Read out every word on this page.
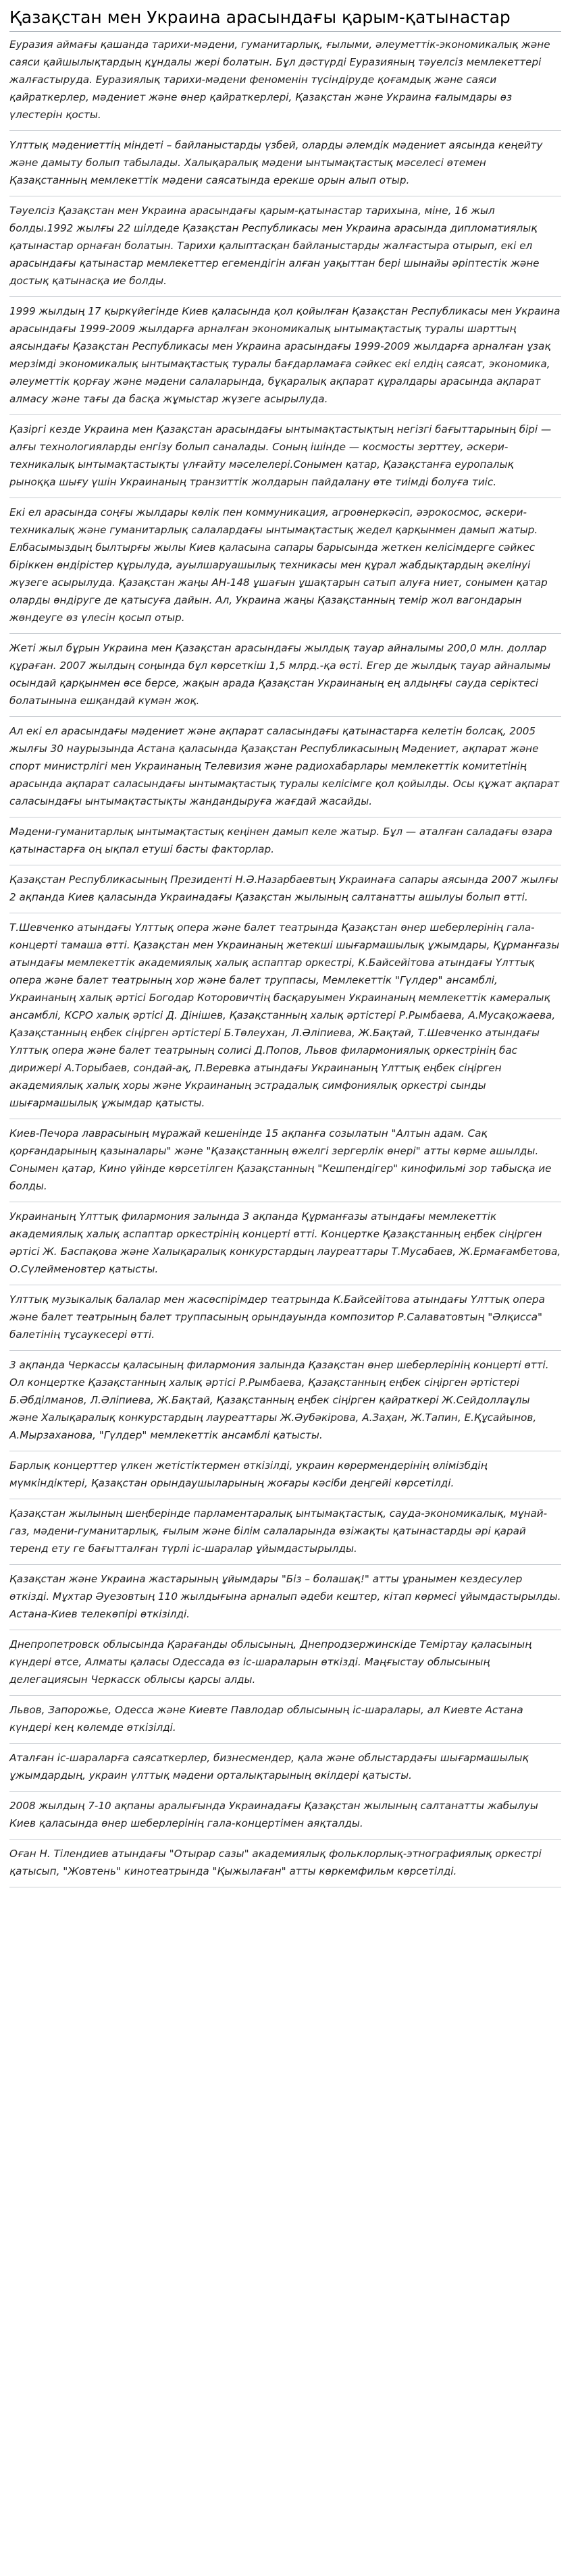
Қазақстан мен Украина арасындағы қарым-қатынастар

Еуразия аймағы қашанда тарихи-мәдени, гуманитарлық, ғылыми, әлеуметтік-экономикалық және саяси қайшылықтардың құндалы жері болатын. Бұл дәстүрді Еуразияның тәуелсіз мемлекеттері жалғастыруда. Еуразиялық тарихи-мәдени феноменін түсіндіруде қоғамдық және саяси қайраткерлер, мәдениет және өнер қайраткерлері, Қазақстан және Украина ғалымдары өз үлестерін қосты.

Үлттық мәдениеттің міндеті – байланыстарды үзбей, оларды әлемдік мәдениет аясында кеңейту және дамыту болып табылады. Халықаралық мәдени ынтымақтастық мәселесі өтемен Қазақстанның мемлекеттік мәдени саясатында ерекше орын алып отыр.

Тәуелсіз Қазақстан мен Украина арасындағы қарым-қатынастар тарихына, міне, 16 жыл болды.1992 жылғы 22 шілдеде Қазақстан Республикасы мен Украина арасында дипломатиялық қатынастар орнаған болатын. Тарихи қалыптасқан байланыстарды жалғастыра отырып, екі ел арасындағы қатынастар мемлекеттер егемендігін алған уақыттан бері шынайы әріптестік және достық қатынасқа ие болды.

1999 жылдың 17 қыркүйегінде Киев қаласында қол қойылған Қазақстан Республикасы мен Украина арасындағы 1999-2009 жылдарға арналған экономикалық ынтымақтастық туралы шарттың аясындағы Қазақстан Республикасы мен Украина арасындағы 1999-2009 жылдарға арналған ұзақ мерзімді экономикалық ынтымақтастық туралы бағдарламаға сәйкес екі елдің саясат, экономика, әлеуметтік қорғау және мәдени салаларында, бұқаралық ақпарат құралдары арасында ақпарат алмасу және тағы да басқа жұмыстар жүзеге асырылуда.

Қазіргі кезде Украина мен Қазақстан арасындағы ынтымақтастықтың негізгі бағыттарының бірі — алғы технологияларды енгізу болып саналады. Соның ішінде — космосты зерттеу, әскери-техникалық ынтымақтастықты үлғайту мәселелері.Сонымен қатар, Қазақстанға еуропалық рыноққа шығу үшін Украинаның транзиттік жолдарын пайдалану өте тиімді болуға тиіс.

Екі ел арасында соңғы жылдары көлік пен коммуникация, агроөнеркәсіп, әэрокосмос, әскери-техникалық және гуманитарлық салалардағы ынтымақтастық жедел қарқынмен дамып жатыр. Елбасымыздың былтырғы жылы Киев қаласына сапары барысында жеткен келісімдерге сәйкес біріккен өндірістер құрылуда, ауылшаруашылық техникасы мен құрал жабдықтардың әкелінуі жүзеге асырылуда. Қазақстан жаңы АН-148 ұшағын ұшақтарын сатып алуға ниет, сонымен қатар оларды өндіруге де қатысуға дайын. Ал, Украина жаңы Қазақстанның темір жол вагондарын жөндеуге өз үлесін қосып отыр.

Жеті жыл бұрын Украина мен Қазақстан арасындағы жылдық тауар айналымы 200,0 млн. доллар құраған. 2007 жылдың соңында бұл көрсеткіш 1,5 млрд.-қа өсті. Егер де жылдық тауар айналымы осындай қарқынмен өсе берсе, жақын арада Қазақстан Украинаның ең алдыңғы сауда серіктесі болатынына ешқандай күмән жоқ.

Ал екі ел арасындағы мәдениет және ақпарат саласындағы қатынастарға келетін болсақ, 2005 жылғы 30 наурызында Астана қаласында Қазақстан Республикасының Мәдениет, ақпарат және спорт министрлігі мен Украинаның Телевизия және радиохабарлары мемлекеттік комитетінің арасында ақпарат саласындағы ынтымақтастық туралы келісімге қол қойылды. Осы құжат ақпарат саласындағы ынтымақтастықты жандандыруға жағдай жасайды.

Мәдени-гуманитарлық ынтымақтастық кеңінен дамып келе жатыр. Бұл — аталған саладағы өзара қатынастарға оң ықпал етуші басты факторлар.

Қазақстан Республикасының Президенті Н.Ә.Назарбаевтың Украинаға сапары аясында 2007 жылғы 2 ақпанда Киев қаласында Украинадағы Қазақстан жылының салтанатты ашылуы болып өтті.

Т.Шевченко атындағы Үлттық опера және балет театрында Қазақстан өнер шеберлерінің гала-концерті тамаша өтті. Қазақстан мен Украинаның жетекші шығармашылық ұжымдары, Құрманғазы атындағы мемлекеттік академиялық халық аспаптар оркестрі, К.Байсейітова атындағы Үлттық опера және балет театрының хор және балет труппасы, Мемлекеттік "Гүлдер" ансамблі, Украинаның халық әртісі Богодар Которовичтің басқаруымен Украинаның мемлекеттік камералық ансамблі, КСРО халық әртісі Д. Дінішев, Қазақстанның халық әртістері Р.Рымбаева, А.Мусақожаева, Қазақстанның еңбек сіңірген әртістері Б.Төлеухан, Л.Әліпиева, Ж.Бақтай, Т.Шевченко атындағы Үлттық опера және балет театрының солисі Д.Попов, Львов филармониялық оркестрінің бас дирижері А.Торыбаев, сондай-ақ, П.Веревка атындағы Украинаның Үлттық еңбек сіңірген академиялық халық хоры және Украинаның эстрадалық симфониялық оркестрі сынды шығармашылық ұжымдар қатысты.

Киев-Печора лаврасының мұражай кешенінде 15 ақпанға созылатын "Алтын адам. Сақ қорғандарының қазыналары" және "Қазақстанның өжелгі зергерлік өнері" атты көрме ашылды. Сонымен қатар, Кино үйінде көрсетілген Қазақстанның "Кешпендігер" кинофильмі зор табысқа ие болды.

Украинаның Үлттық филармония залында 3 ақпанда Құрманғазы атындағы мемлекеттік академиялық халық аспаптар оркестрінің концерті өтті. Концертке Қазақстанның еңбек сіңірген әртісі Ж. Баспақова және Халықаралық конкурстардың лауреаттары Т.Мусабаев, Ж.Ермағамбетова, О.Сүлейменовтер қатысты.

Үлттық музыкалық балалар мен жасөспірімдер театрында К.Байсейітова атындағы Үлттық опера және балет театрының балет труппасының орындауында композитор Р.Салаватовтың "Әлқисса" балетінің тұсаукесері өтті.

3 ақпанда Черкассы қаласының филармония залында Қазақстан өнер шеберлерінің концерті өтті. Ол концертке Қазақстанның халық әртісі Р.Рымбаева, Қазақстанның еңбек сіңірген әртістері Б.Әбділманов, Л.Әліпиева, Ж.Бақтай, Қазақстанның еңбек сіңірген қайраткері Ж.Сейдоллаұлы және Халықаралық конкурстардың лауреаттары Ж.Әубәкірова, А.Заҳан, Ж.Тапин, Е.Құсайынов, А.Мырзаханова, "Гүлдер" мемлекеттік ансамблі қатысты.

Барлық концерттер үлкен жетістіктермен өткізілді, украин көрермендерінің өлімізбдің мүмкіндіктері, Қазақстан орындаушыларының жоғары кәсіби деңгейі көрсетілді.

Қазақстан жылының шеңберінде парламентаралық ынтымақтастық, сауда-экономикалық, мұнай-газ, мәдени-гуманитарлық, ғылым және білім салаларында өзіжақты қатынастарды әрі қарай теренд ету ге бағытталған түрлі іс-шаралар ұйымдастырылды.

Қазақстан және Украина жастарының ұйымдары "Біз – болашақ!" атты ұранымен кездесулер өткізді. Мұхтар Әуезовтың 110 жылдығына арналып әдеби кештер, кітап көрмесі ұйымдастырылды. Астана-Киев телекөпірі өткізілді.

Днепропетровск облысында Қарағанды облысының, Днепродзержинскіде Теміртау қаласының күндері өтсе, Алматы қаласы Одессада өз іс-шараларын өткізді. Маңғыстау облысының делегациясын Черкасск облысы қарсы алды.

Львов, Запорожье, Одесса және Киевте Павлодар облысының іс-шаралары, ал Киевте Астана күндері кең көлемде өткізілді.

Аталған іс-шараларға саясаткерлер, бизнесмендер, қала және облыстардағы шығармашылық ұжымдардың, украин үлттық мәдени орталықтарының өкілдері қатысты.

2008 жылдың 7-10 ақпаны аралығында Украинадағы Қазақстан жылының салтанатты жабылуы Киев қаласында өнер шеберлерінің гала-концертімен аяқталды.

Оған Н. Тілендиев атындағы "Отырар сазы" академиялық фольклорлық-этнографиялық оркестрі қатысып, "Жовтень" кинотеатрында "Қыжылаған" атты көркемфильм көрсетілді.
